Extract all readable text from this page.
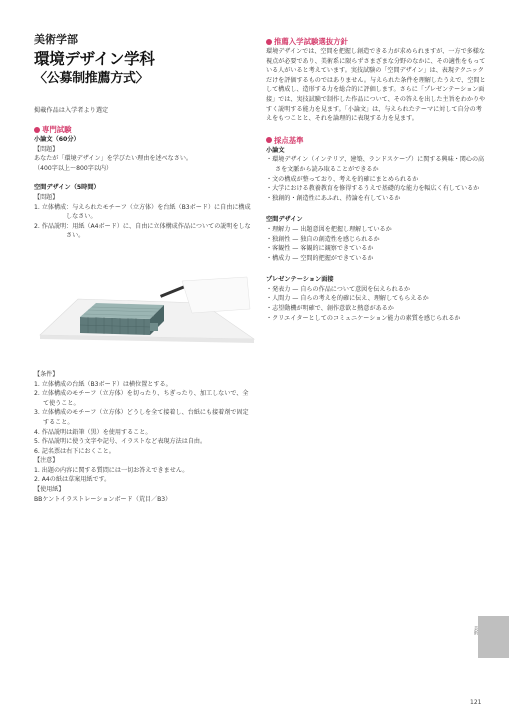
美術学部
環境デザイン学科
〈公募制推薦方式〉
掲載作品は入学者より選定
専門試験
小論文（60分）
【問題】
あなたが「環境デザイン」を学びたい理由を述べなさい。
（400字以上〜800字以内）
空間デザイン（5時間）
【問題】
1. 立体構成：与えられたモチーフ（立方体）を台紙（B3ボード）に自由に構成しなさい。
2. 作品説明：用紙（A4ボード）に、自由に立体構成作品についての説明をしなさい。
【条件】
1. 立体構成の台紙（B3ボード）は横位置とする。
2. 立体構成のモチーフ（立方体）を切ったり、ちぎったり、加工しないで、全て使うこと。
3. 立体構成のモチーフ（立方体）どうしを全て接着し、台紙にも接着剤で固定すること。
4. 作品説明は鉛筆（黒）を使用すること。
5. 作品説明に使う文字や記号、イラストなど表現方法は自由。
6. 記名票は右下におくこと。
【注意】
1. 出題の内容に関する質問には一切お答えできません。
2. A4の紙は草案用紙です。
【使用紙】
BBケントイラストレーションボード（荒目／B3）
推薦入学試験選抜方針
環境デザインでは、空間を把握し創造できる力が求められますが、一方で多様な視点が必要であり、美術系に限らずさまざまな分野のなかに、その適性をもっている人がいると考えています。実技試験の「空間デザイン」は、表現テクニックだけを評価するものではありません。与えられた条件を理解したうえで、空間として構成し、造形する力を総合的に評価します。さらに「プレゼンテーション面接」では、実技試験で制作した作品について、その答えを出した主旨をわかりやすく説明する能力を見ます。「小論文」は、与えられたテーマに対して自分の考えをもつことと、それを論理的に表現する力を見ます。
採点基準
小論文
・環境デザイン（インテリア、建築、ランドスケープ）に関する興味・関心の高さを文脈から読み取ることができるか
・文の構成が整っており、考えを的確にまとめられるか
・大学における教養教育を修得するうえで基礎的な能力を幅広く有しているか
・独創的・創造性にあふれ、持論を有しているか
空間デザイン
・理解力 — 出題意図を把握し理解しているか
・独創性 — 独自の創造性を感じられるか
・客観性 — 客観的に観察できているか
・構成力 — 空間的把握ができているか
プレゼンテーション面接
・発表力 — 自らの作品について意図を伝えられるか
・人間力 — 自らの考えを的確に伝え、理解してもらえるか
・志望動機が明確で、創作意欲と熱意があるか
・クリエイターとしてのコミュニケーション能力の素質を感じられるか
美術
121
